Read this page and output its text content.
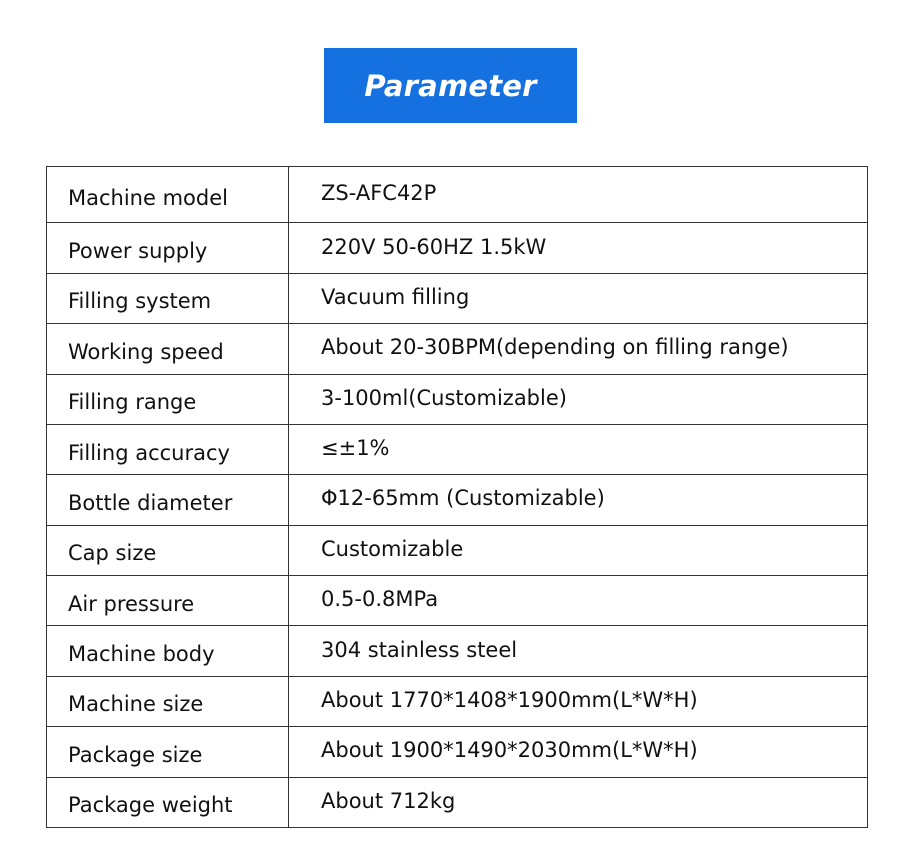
Parameter
Machine model	ZS-AFC42P
Power supply	220V 50-60HZ 1.5kW
Filling system	Vacuum filling
Working speed	About 20-30BPM(depending on filling range)
Filling range	3-100ml(Customizable)
Filling accuracy	≤±1%
Bottle diameter	Φ12-65mm (Customizable)
Cap size	Customizable
Air pressure	0.5-0.8MPa
Machine body	304 stainless steel
Machine size	About 1770*1408*1900mm(L*W*H)
Package size	About 1900*1490*2030mm(L*W*H)
Package weight	About 712kg
